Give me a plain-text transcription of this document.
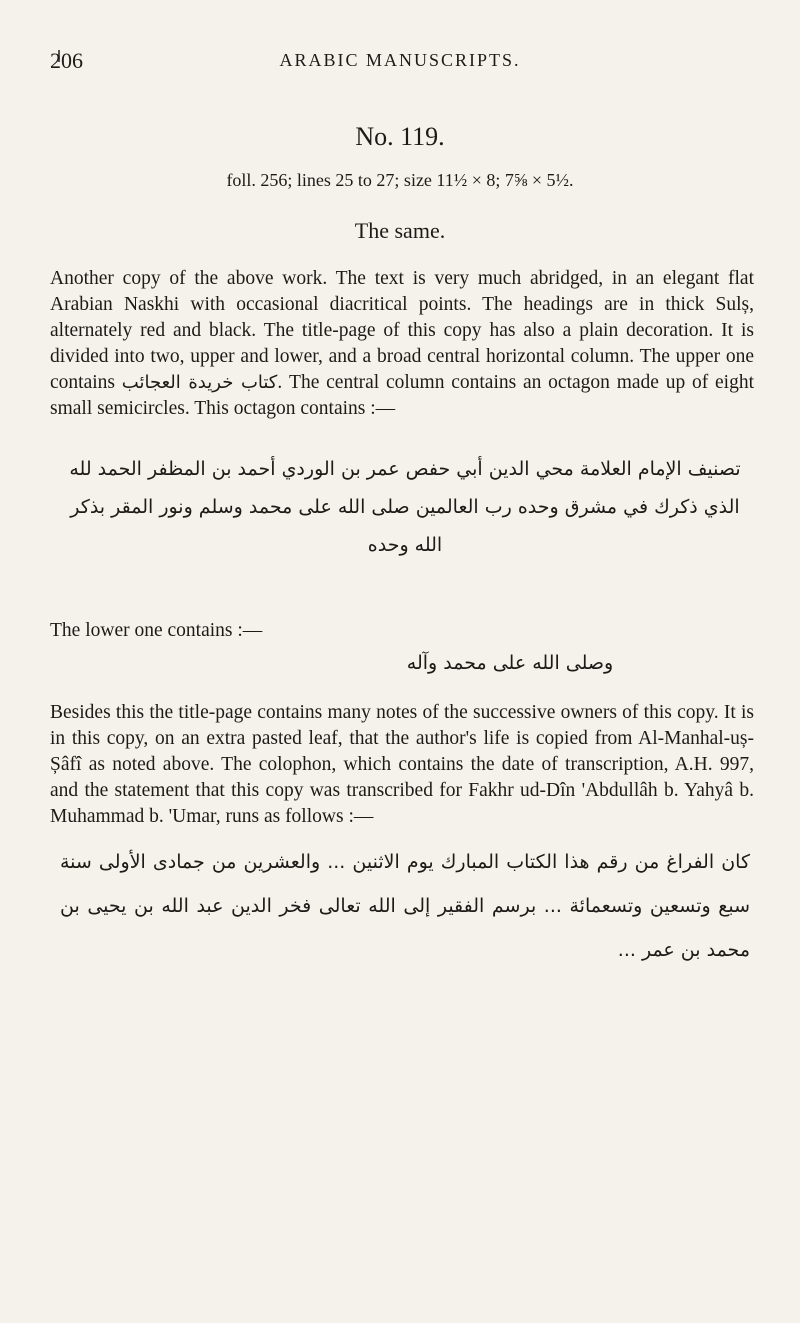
206	ARABIC MANUSCRIPTS.
No. 119.
foll. 256; lines 25 to 27; size 11½ × 8; 7⅝ × 5½.
The same.
Another copy of the above work. The text is very much abridged, in an elegant flat Arabian Naskhi with occasional diacritical points. The headings are in thick Sulș, alternately red and black. The title-page of this copy has also a plain decoration. It is divided into two, upper and lower, and a broad central horizontal column. The upper one contains كتاب خريدة العجائب. The central column contains an octagon made up of eight small semicircles. This octagon contains :—
تصنيف الإمام العلامة محي الدين أبي حفص عمر بن الوردي أحمد بن المظفر الحمد لله الذي ذكرك في مشرق وحده رب العالمين صلى الله على محمد وسلم ونور المقر بذكر الله وحده
The lower one contains :—
وصلى الله على محمد وآله
Besides this the title-page contains many notes of the successive owners of this copy. It is in this copy, on an extra pasted leaf, that the author's life is copied from Al-Manhal-uș-Șâfî as noted above. The colophon, which contains the date of transcription, A.H. 997, and the statement that this copy was transcribed for Fakhr ud-Dîn 'Abdullâh b. Yahyâ b. Muhammad b. 'Umar, runs as follows :—
كان الفراغ من رقم هذا الكتاب المبارك يوم الاثنين ... والعشرين من جمادى الأولى سنة سبع وتسعين وتسعمائة ... برسم الفقير إلى الله تعالى فخر الدين عبد الله بن يحيى بن محمد بن عمر ...
